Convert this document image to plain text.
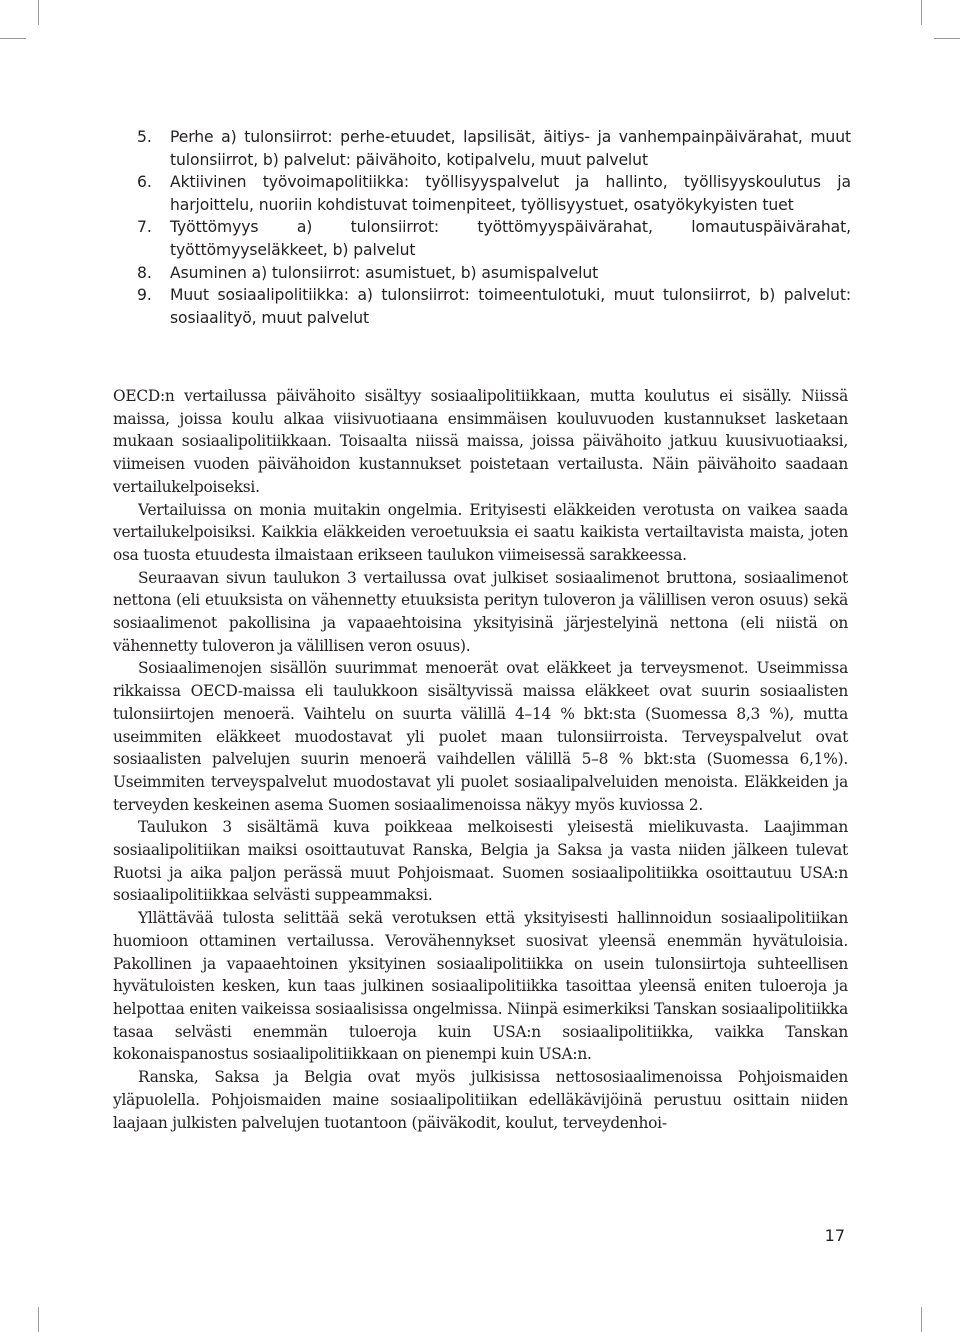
5. Perhe a) tulonsiirrot: perhe-etuudet, lapsilisät, äitiys- ja vanhempainpäivärahat, muut tulonsiirrot, b) palvelut: päivähoito, kotipalvelu, muut palvelut
6. Aktiivinen työvoimapolitiikka: työllisyyspalvelut ja hallinto, työllisyyskoulutus ja harjoittelu, nuoriin kohdistuvat toimenpiteet, työllisyystuet, osatyökykyisten tuet
7. Työttömyys a) tulonsiirrot: työttömyyspäivärahat, lomautuspäivärahat, työttömyyseläkkeet, b) palvelut
8. Asuminen a) tulonsiirrot: asumistuet, b) asumispalvelut
9. Muut sosiaalipolitiikka: a) tulonsiirrot: toimeentulotuki, muut tulonsiirrot, b) palvelut: sosiaalityö, muut palvelut

OECD:n vertailussa päivähoito sisältyy sosiaalipolitiikkaan, mutta koulutus ei sisälly. Niissä maissa, joissa koulu alkaa viisivuotiaana ensimmäisen kouluvuoden kustannukset lasketaan mukaan sosiaalipolitiikkaan. Toisaalta niissä maissa, joissa päivähoito jatkuu kuusivuotiaaksi, viimeisen vuoden päivähoidon kustannukset poistetaan vertailusta. Näin päivähoito saadaan vertailukelpoiseksi.

Vertailuissa on monia muitakin ongelmia. Erityisesti eläkkeiden verotusta on vaikea saada vertailukelpoisiksi. Kaikkia eläkkeiden veroetuuksia ei saatu kaikista vertailtavista maista, joten osa tuosta etuudesta ilmaistaan erikseen taulukon viimeisessä sarakkeessa.

Seuraavan sivun taulukon 3 vertailussa ovat julkiset sosiaalimenot bruttona, sosiaalimenot nettona (eli etuuksista on vähennetty etuuksista perityn tuloveron ja välillisen veron osuus) sekä sosiaalimenot pakollisina ja vapaaehtoisina yksityisinä järjestelyinä nettona (eli niistä on vähennetty tuloveron ja välillisen veron osuus).

Sosiaalimenojen sisällön suurimmat menoerät ovat eläkkeet ja terveysmenot. Useimmissa rikkaissa OECD-maissa eli taulukkoon sisältyvissä maissa eläkkeet ovat suurin sosiaalisten tulonsiirtojen menoerä. Vaihtelu on suurta välillä 4–14 % bkt:sta (Suomessa 8,3 %), mutta useimmiten eläkkeet muodostavat yli puolet maan tulonsiirroista. Terveyspalvelut ovat sosiaalisten palvelujen suurin menoerä vaihdellen välillä 5–8 % bkt:sta (Suomessa 6,1%). Useimmiten terveyspalvelut muodostavat yli puolet sosiaalipalveluiden menoista. Eläkkeiden ja terveyden keskeinen asema Suomen sosiaalimenoissa näkyy myös kuviossa 2.

Taulukon 3 sisältämä kuva poikkeaa melkoisesti yleisestä mielikuvasta. Laajimman sosiaalipolitiikan maiksi osoittautuvat Ranska, Belgia ja Saksa ja vasta niiden jälkeen tulevat Ruotsi ja aika paljon perässä muut Pohjoismaat. Suomen sosiaalipolitiikka osoittautuu USA:n sosiaalipolitiikkaa selvästi suppeammaksi.

Yllättävää tulosta selittää sekä verotuksen että yksityisesti hallinnoidun sosiaalipolitiikan huomioon ottaminen vertailussa. Verovähennykset suosivat yleensä enemmän hyvätuloisia. Pakollinen ja vapaaehtoinen yksityinen sosiaalipolitiikka on usein tulonsiirtoja suhteellisen hyvätuloisten kesken, kun taas julkinen sosiaalipolitiikka tasoittaa yleensä eniten tuloeroja ja helpottaa eniten vaikeissa sosiaalisissa ongelmissa. Niinpä esimerkiksi Tanskan sosiaalipolitiikka tasaa selvästi enemmän tuloeroja kuin USA:n sosiaalipolitiikka, vaikka Tanskan kokonaispanostus sosiaalipolitiikkaan on pienempi kuin USA:n.

Ranska, Saksa ja Belgia ovat myös julkisissa nettososiaalimenoissa Pohjoismaiden yläpuolella. Pohjoismaiden maine sosiaalipolitiikan edelläkävijöinä perustuu osittain niiden laajaan julkisten palvelujen tuotantoon (päiväkodit, koulut, terveydenhoi-

17
